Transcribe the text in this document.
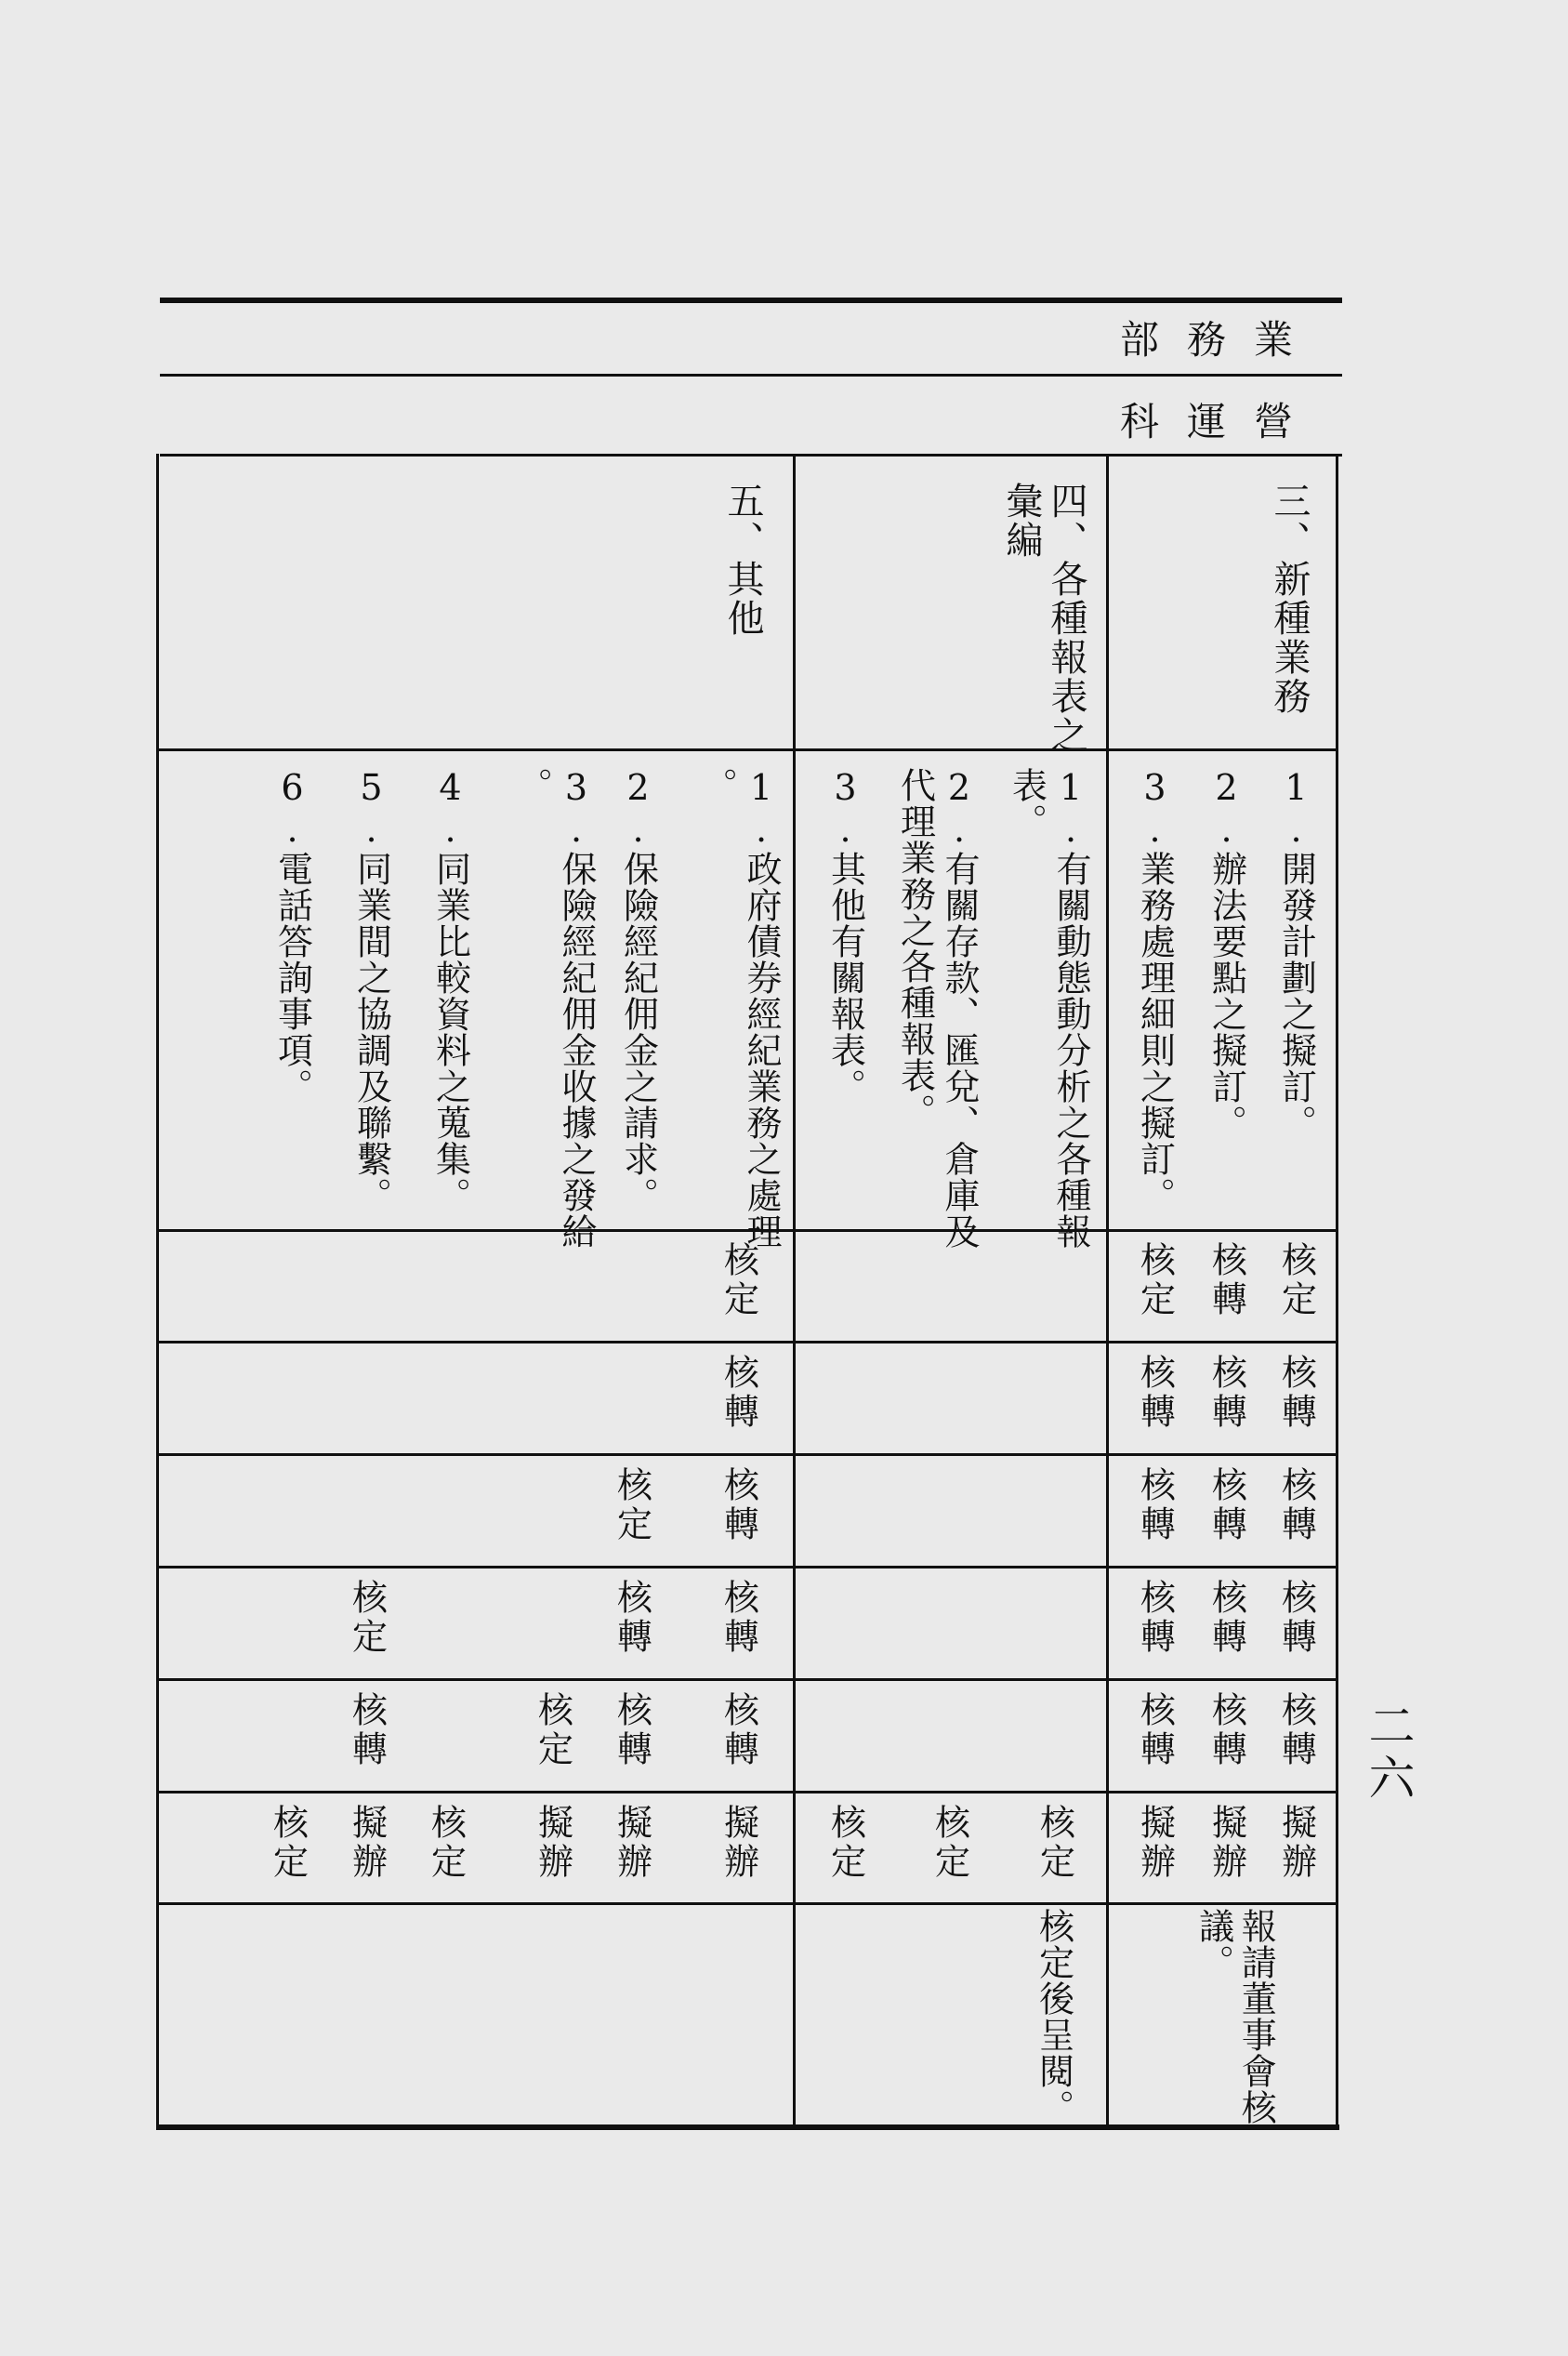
業務部
營運科
三、新種業務
1.開發計劃之擬訂。
2.辦法要點之擬訂。
3.業務處理細則之擬訂。
核定
核轉
核定
核轉
核轉
核轉
核轉
核轉
核轉
核轉
核轉
核轉
核轉
核轉
核轉
擬辦
擬辦
擬辦
報請董事會核
議。
四、各種報表之
彙編
1.有關動態動分析之各種報
表。
2.有關存款、匯兌、倉庫及
代理業務之各種報表。
3.其他有關報表。
核定
核定
核定
核定後呈閱。
五、其他
1.政府債券經紀業務之處理
。
2.保險經紀佣金之請求。
3.保險經紀佣金收據之發給
。
4.同業比較資料之蒐集。
5.同業間之協調及聯繫。
6.電話答詢事項。
核定
核轉
核轉
核轉
核轉
擬辦
核定
核轉
核轉
擬辦
核定
擬辦
核定
核定
核轉
擬辦
核定
二六
